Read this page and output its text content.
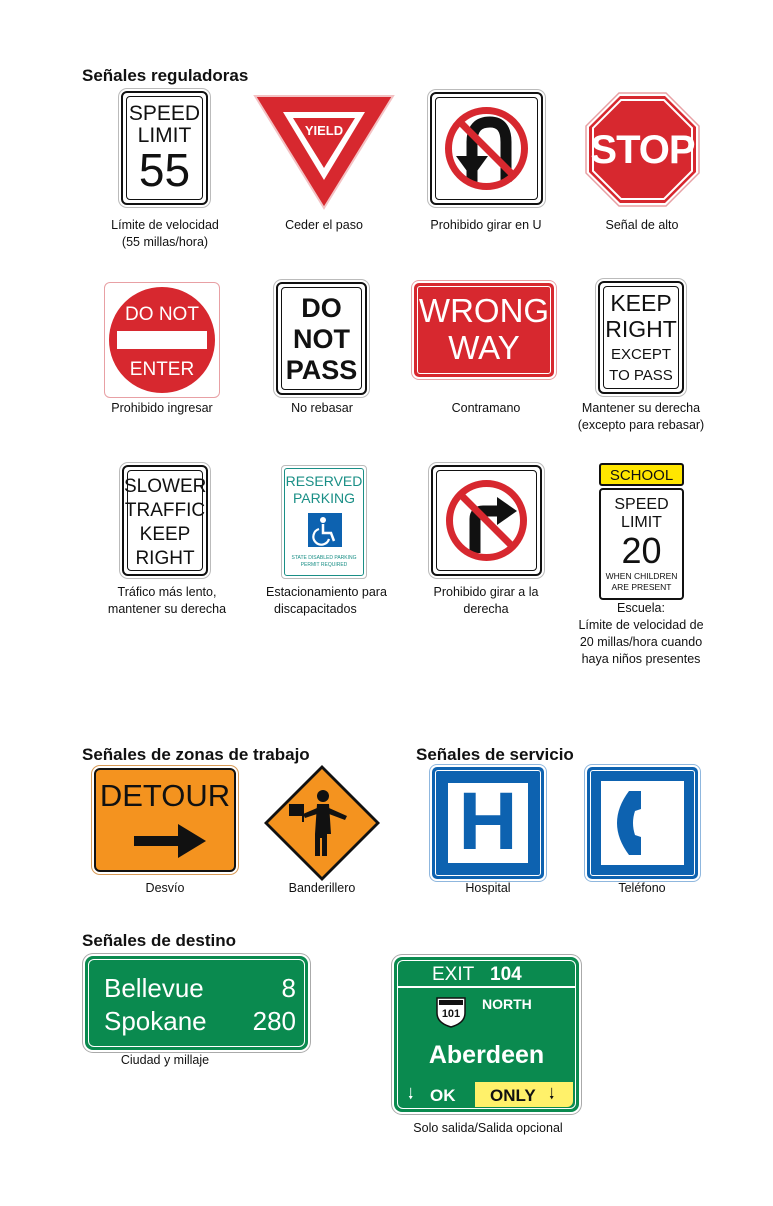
Señales reguladoras
Señales de zonas de trabajo	Señales de servicio
Señales de destino
SPEED
LIMIT
55
Límite de velocidad
(55 millas/hora)
YIELD
Ceder el paso	Prohibido girar en U
STOP
Señal de alto
DO NOT
ENTER
Prohibido ingresar
DO
NOT
PASS
No rebasar
WRONG
WAY
Contramano
KEEP
RIGHT
EXCEPT
TO PASS
Mantener su derecha
(excepto para rebasar)
SLOWER
TRAFFIC
KEEP
RIGHT
Tráfico más lento,
mantener su derecha
RESERVED
PARKING
STATE DISABLED PARKING
PERMIT REQUIRED
Estacionamiento para
discapacitados
Prohibido girar a la
derecha
SCHOOL
SPEED
LIMIT
20
WHEN CHILDREN
ARE PRESENT
Escuela:
Límite de velocidad de
20 millas/hora cuando
haya niños presentes
DETOUR
Desvío	Banderillero
H
Hospital	Teléfono
Bellevue	8
Spokane 280
Ciudad y millaje
EXIT 104
101
NORTH
Aberdeen
🠓 OK ONLY 🠓
Solo salida/Salida opcional
